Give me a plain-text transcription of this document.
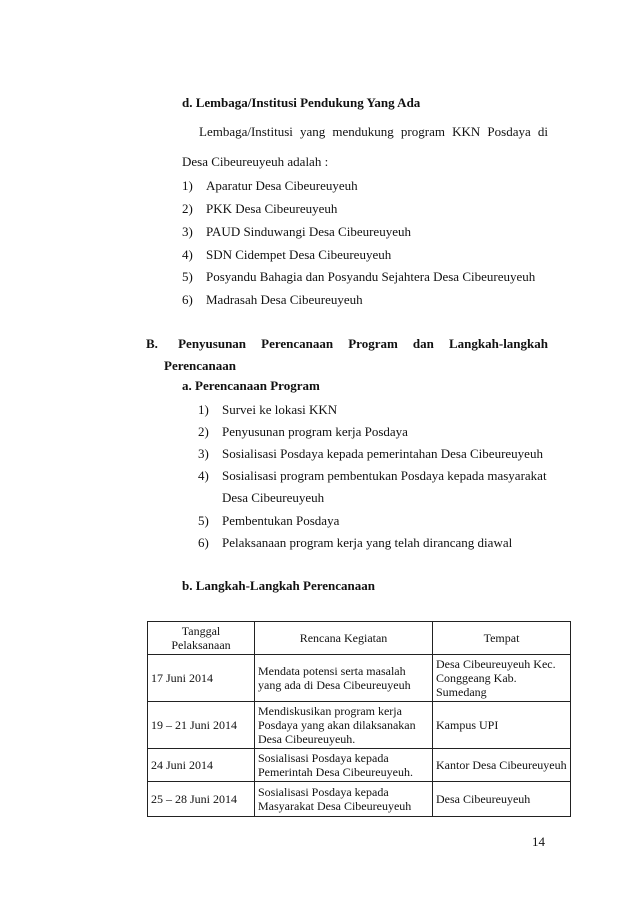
d. Lembaga/Institusi Pendukung Yang Ada
Lembaga/Institusi yang mendukung program KKN Posdaya di
Desa Cibeureuyeuh adalah :
1) Aparatur Desa Cibeureuyeuh
2) PKK Desa Cibeureuyeuh
3) PAUD Sinduwangi Desa Cibeureuyeuh
4) SDN Cidempet Desa Cibeureuyeuh
5) Posyandu Bahagia dan Posyandu Sejahtera Desa Cibeureuyeuh
6) Madrasah Desa Cibeureuyeuh
B.	Penyusunan Perencanaan Program dan Langkah-langkah
Perencanaan
a. Perencanaan Program
1) Survei ke lokasi KKN
2) Penyusunan program kerja Posdaya
3) Sosialisasi Posdaya kepada pemerintahan Desa Cibeureuyeuh
4) Sosialisasi program pembentukan Posdaya kepada masyarakat
Desa Cibeureuyeuh
5) Pembentukan Posdaya
6) Pelaksanaan program kerja yang telah dirancang diawal
b. Langkah-Langkah Perencanaan
Tanggal Pelaksanaan	Rencana Kegiatan	Tempat
17 Juni 2014	Mendata potensi serta masalah yang ada di Desa Cibeureuyeuh	Desa Cibeureuyeuh Kec. Conggeang Kab. Sumedang
19 – 21 Juni 2014	Mendiskusikan program kerja Posdaya yang akan dilaksanakan Desa Cibeureuyeuh.	Kampus UPI
24 Juni 2014	Sosialisasi Posdaya kepada Pemerintah Desa Cibeureuyeuh.	Kantor Desa Cibeureuyeuh
25 – 28 Juni 2014	Sosialisasi Posdaya kepada Masyarakat Desa Cibeureuyeuh	Desa Cibeureuyeuh
14
